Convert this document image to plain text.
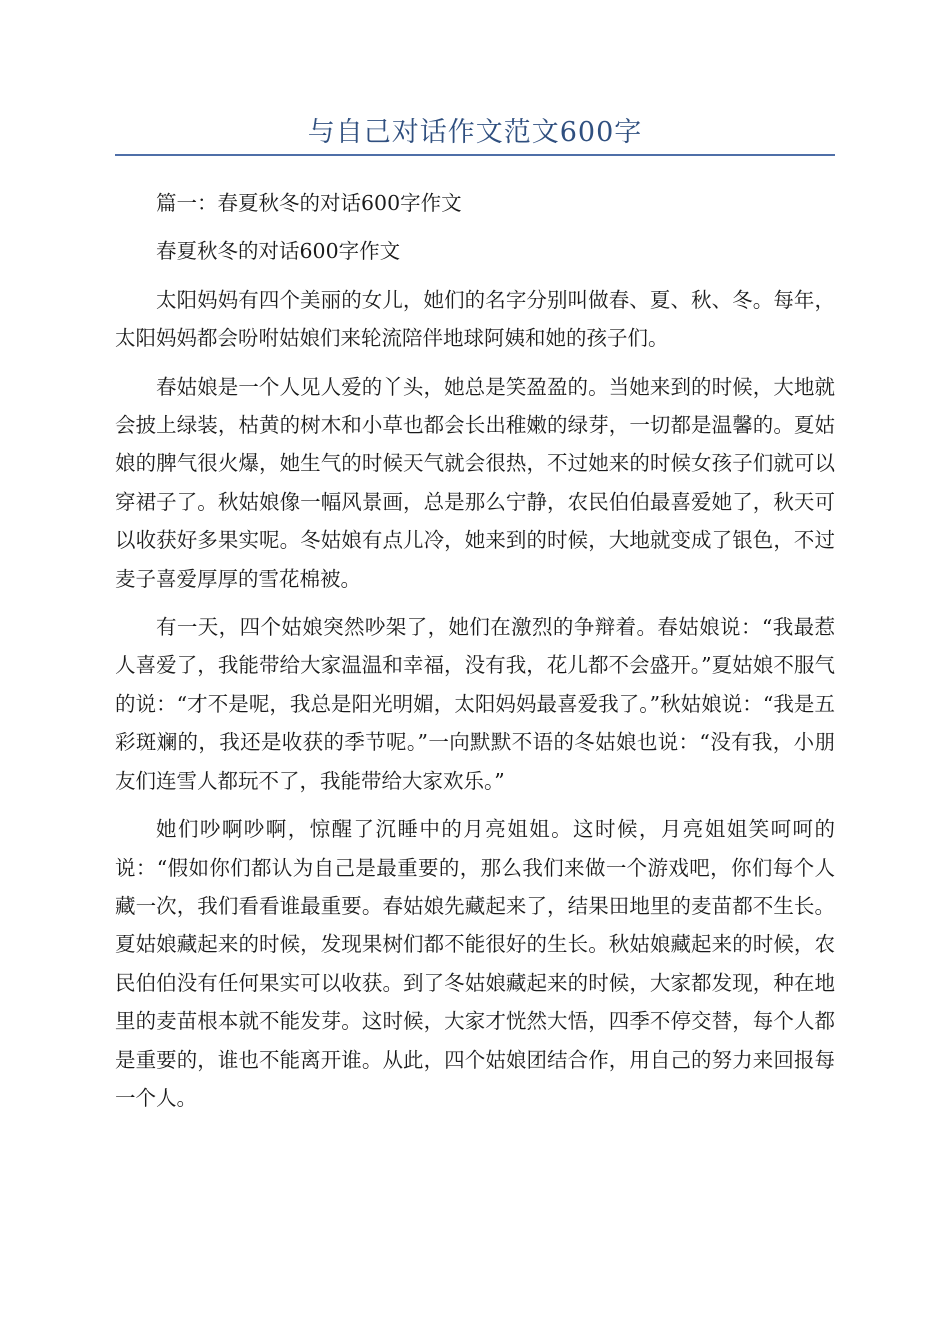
与自己对话作文范文600字

篇一：春夏秋冬的对话600字作文

春夏秋冬的对话600字作文

太阳妈妈有四个美丽的女儿，她们的名字分别叫做春、夏、秋、冬。每年，太阳妈妈都会吩咐姑娘们来轮流陪伴地球阿姨和她的孩子们。

春姑娘是一个人见人爱的丫头，她总是笑盈盈的。当她来到的时候，大地就会披上绿装，枯黄的树木和小草也都会长出稚嫩的绿芽，一切都是温馨的。夏姑娘的脾气很火爆，她生气的时候天气就会很热，不过她来的时候女孩子们就可以穿裙子了。秋姑娘像一幅风景画，总是那么宁静，农民伯伯最喜爱她了，秋天可以收获好多果实呢。冬姑娘有点儿冷，她来到的时候，大地就变成了银色，不过麦子喜爱厚厚的雪花棉被。

有一天，四个姑娘突然吵架了，她们在激烈的争辩着。春姑娘说：“我最惹人喜爱了，我能带给大家温温和幸福，没有我，花儿都不会盛开。”夏姑娘不服气的说：“才不是呢，我总是阳光明媚，太阳妈妈最喜爱我了。”秋姑娘说：“我是五彩斑斓的，我还是收获的季节呢。”一向默默不语的冬姑娘也说：“没有我，小朋友们连雪人都玩不了，我能带给大家欢乐。”

她们吵啊吵啊，惊醒了沉睡中的月亮姐姐。这时候，月亮姐姐笑呵呵的说：“假如你们都认为自己是最重要的，那么我们来做一个游戏吧，你们每个人藏一次，我们看看谁最重要。春姑娘先藏起来了，结果田地里的麦苗都不生长。夏姑娘藏起来的时候，发现果树们都不能很好的生长。秋姑娘藏起来的时候，农民伯伯没有任何果实可以收获。到了冬姑娘藏起来的时候，大家都发现，种在地里的麦苗根本就不能发芽。这时候，大家才恍然大悟，四季不停交替，每个人都是重要的，谁也不能离开谁。从此，四个姑娘团结合作，用自己的努力来回报每一个人。
